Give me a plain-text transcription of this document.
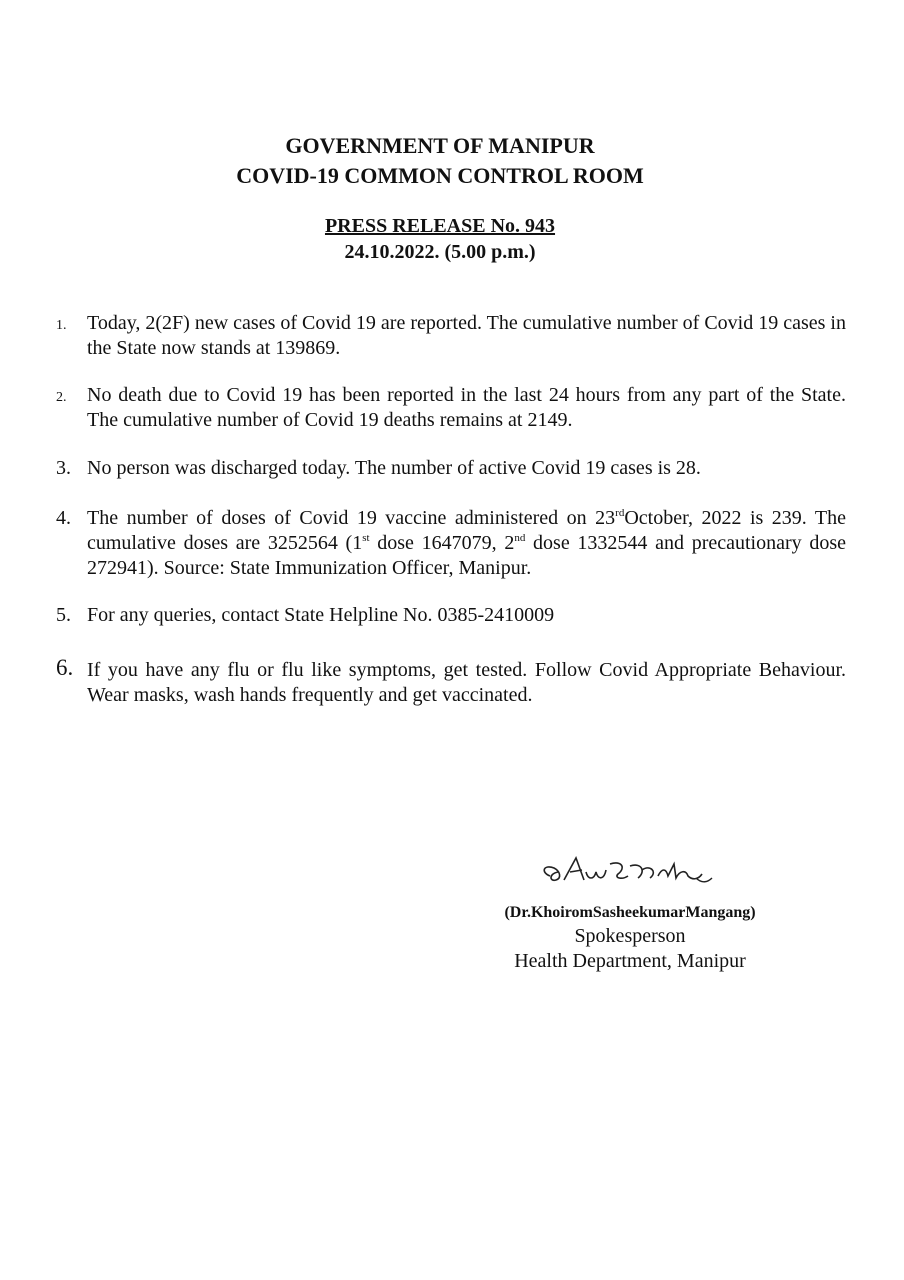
GOVERNMENT OF MANIPUR
COVID-19 COMMON CONTROL ROOM
PRESS RELEASE No. 943
24.10.2022. (5.00 p.m.)
1.	Today, 2(2F) new cases of Covid 19 are reported. The cumulative number of Covid 19 cases in the State now stands at 139869.
2.	No death due to Covid 19 has been reported in the last 24 hours from any part of the State. The cumulative number of Covid 19 deaths remains at 2149.
3. No person was discharged today. The number of active Covid 19 cases is 28.
4. The number of doses of Covid 19 vaccine administered on 23rdOctober, 2022 is 239. The cumulative doses are 3252564 (1st dose 1647079, 2nd dose 1332544 and precautionary dose 272941). Source: State Immunization Officer, Manipur.
5. For any queries, contact State Helpline No. 0385-2410009
6. If you have any flu or flu like symptoms, get tested. Follow Covid Appropriate Behaviour. Wear masks, wash hands frequently and get vaccinated.
(Dr.KhoiromSasheekumarMangang)
Spokesperson
Health Department, Manipur
